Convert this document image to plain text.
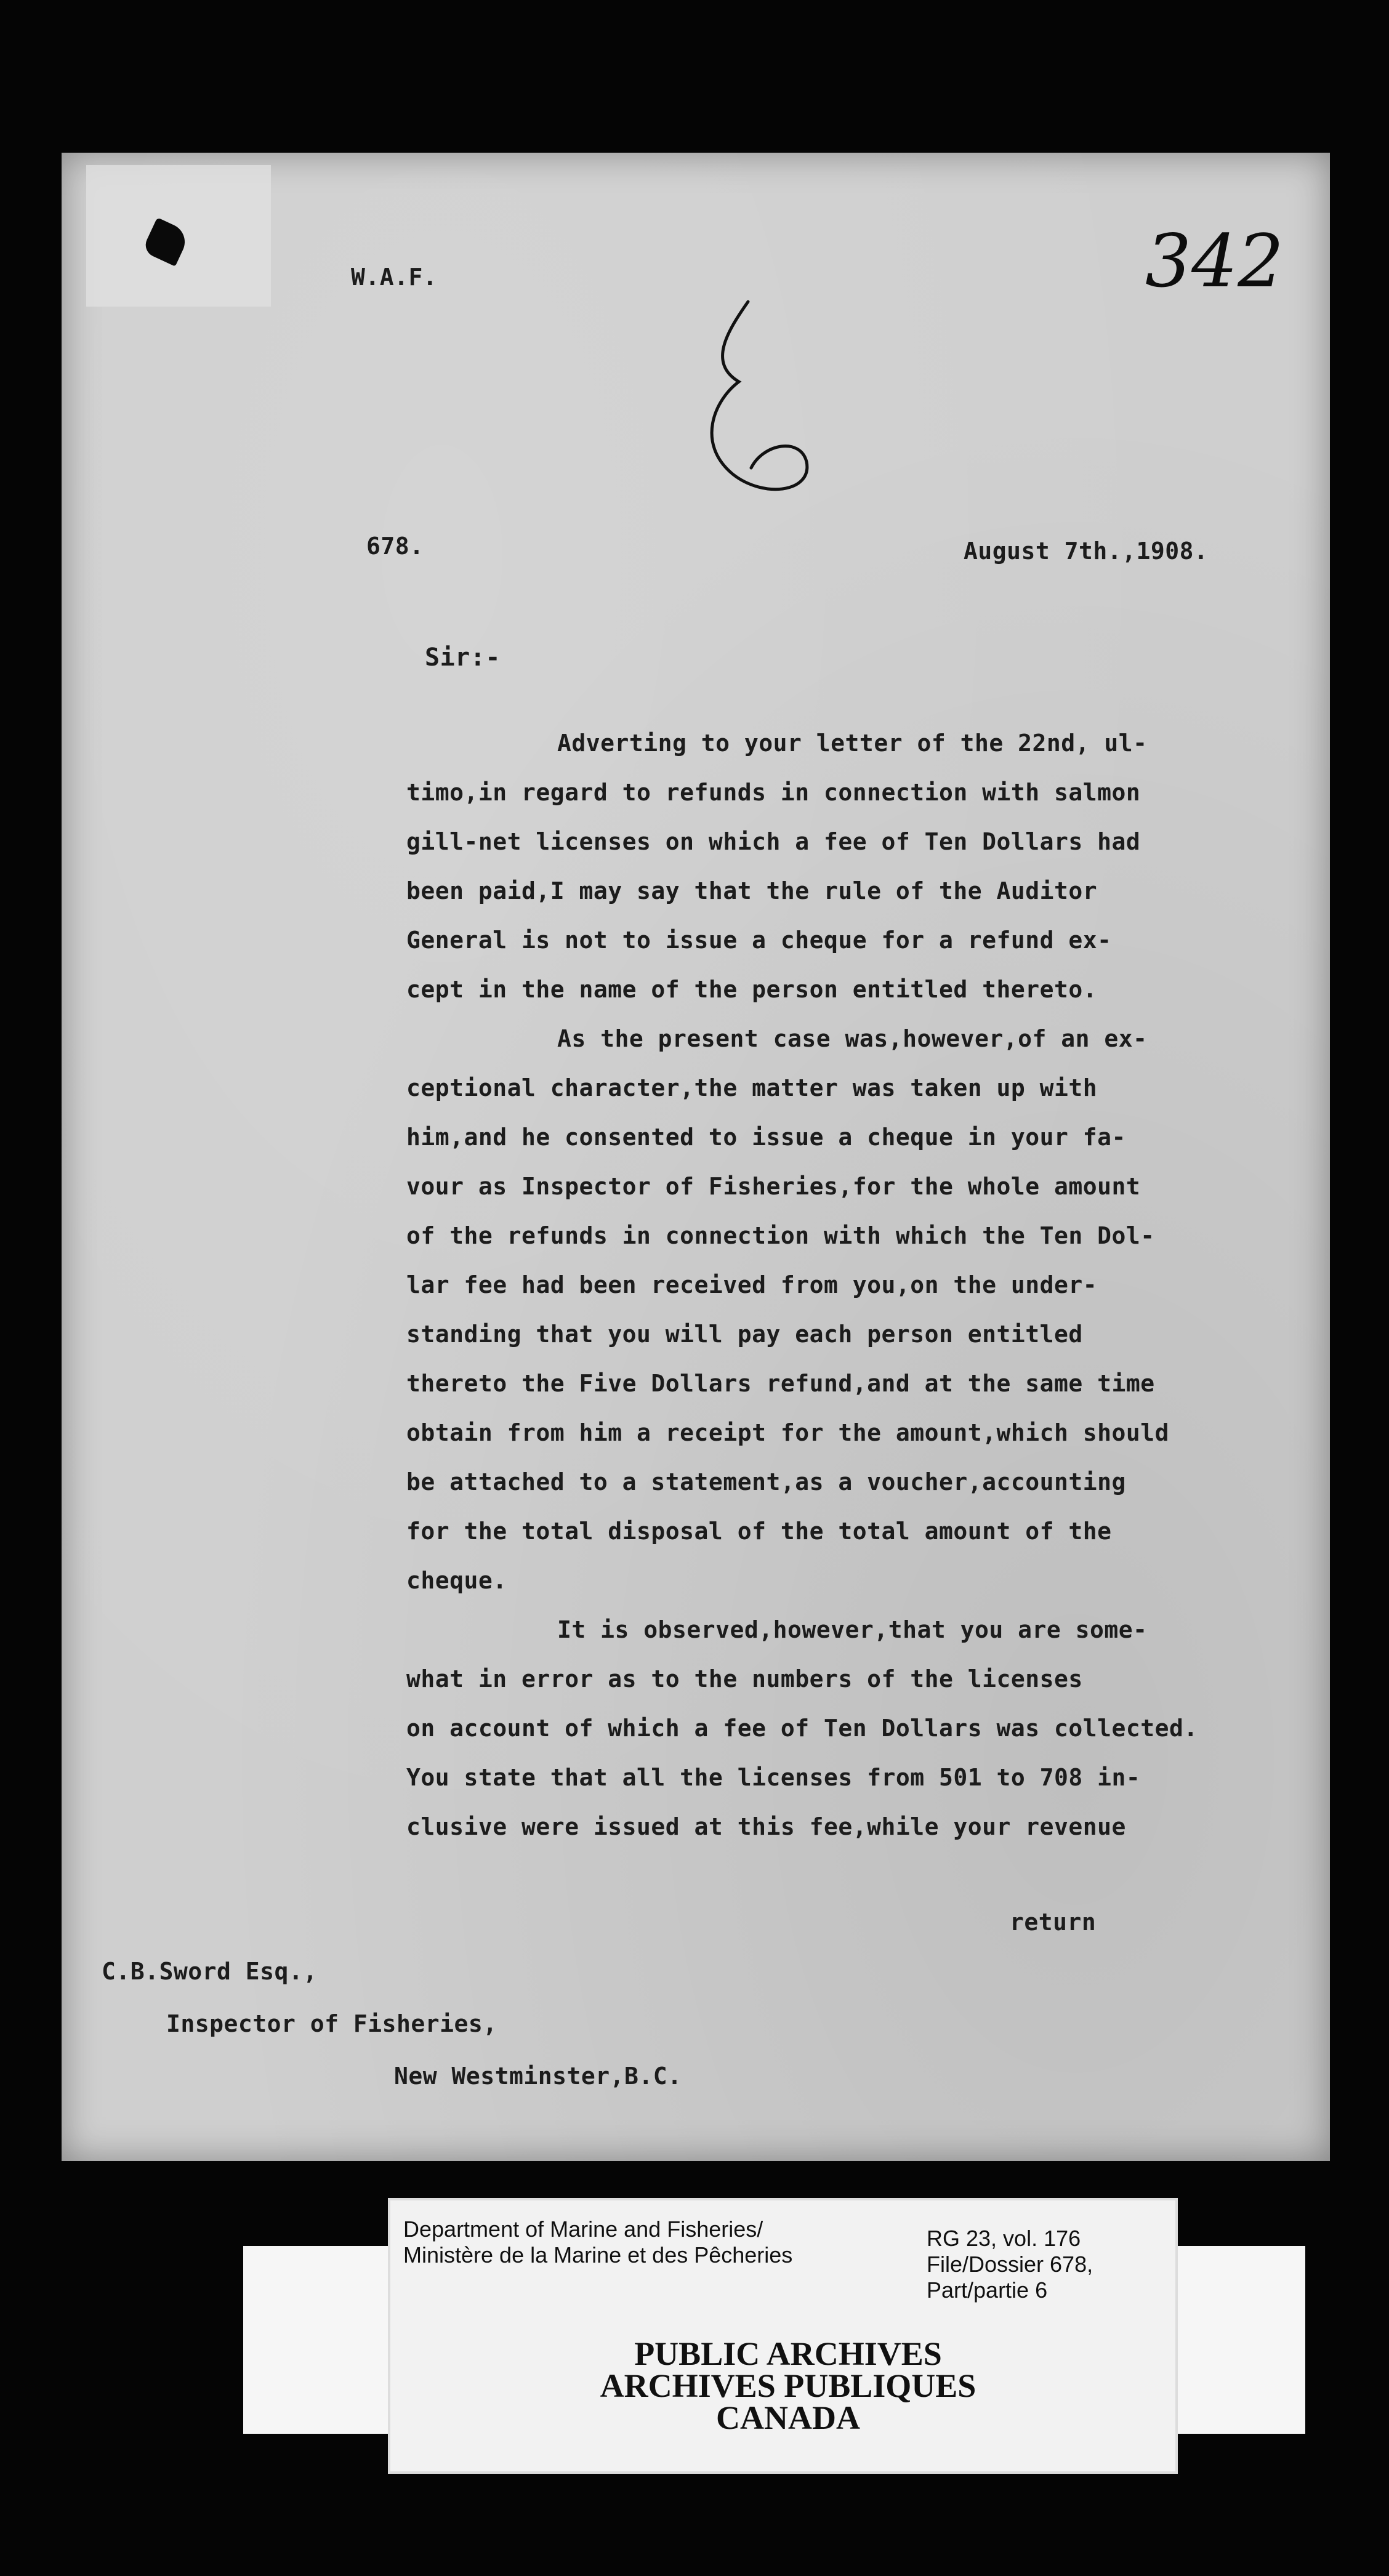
W.A.F.	342
678.	August 7th.,1908.
Sir:-
Adverting to your letter of the 22nd, ul-
timo,in regard to refunds in connection with salmon
gill-net licenses on which a fee of Ten Dollars had
been paid,I may say that the rule of the Auditor
General is not to issue a cheque for a refund ex-
cept in the name of the person entitled thereto.
As the present case was,however,of an ex-
ceptional character,the matter was taken up with
him,and he consented to issue a cheque in your fa-
vour as Inspector of Fisheries,for the whole amount
of the refunds in connection with which the Ten Dol-
lar fee had been received from you,on the under-
standing that you will pay each person entitled
thereto the Five Dollars refund,and at the same time
obtain from him a receipt for the amount,which should
be attached to a statement,as a voucher,accounting
for the total disposal of the total amount of the
cheque.
It is observed,however,that you are some-
what in error as to the numbers of the licenses
on account of which a fee of Ten Dollars was collected.
You state that all the licenses from 501 to 708 in-
clusive were issued at this fee,while your revenue
return
C.B.Sword Esq.,
Inspector of Fisheries,
New Westminster,B.C.
Department of Marine and Fisheries/
Ministère de la Marine et des Pêcheries
RG 23, vol. 176
File/Dossier 678,
Part/partie 6
PUBLIC ARCHIVES
ARCHIVES PUBLIQUES
CANADA
